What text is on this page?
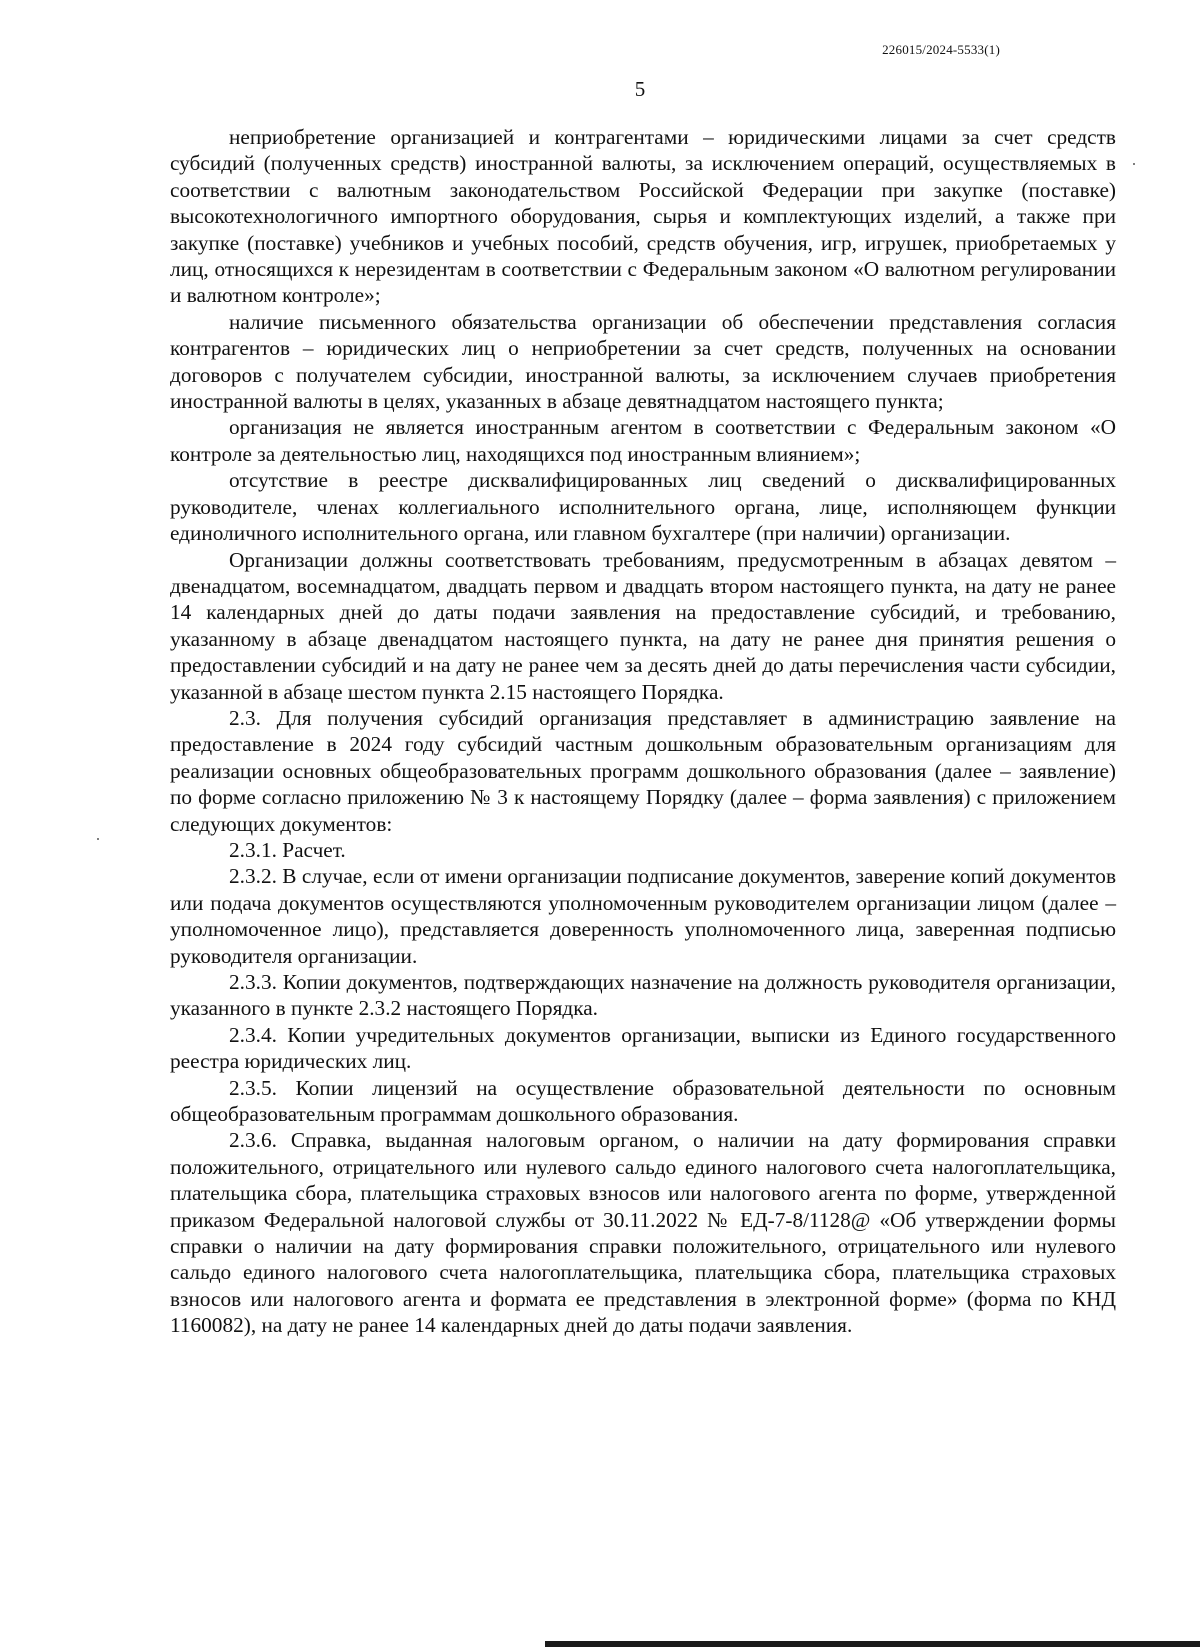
226015/2024-5533(1)
5

неприобретение организацией и контрагентами – юридическими лицами за счет средств субсидий (полученных средств) иностранной валюты, за исключением операций, осуществляемых в соответствии с валютным законодательством Российской Федерации при закупке (поставке) высокотехнологичного импортного оборудования, сырья и комплектующих изделий, а также при закупке (поставке) учебников и учебных пособий, средств обучения, игр, игрушек, приобретаемых у лиц, относящихся к нерезидентам в соответствии с Федеральным законом «О валютном регулировании и валютном контроле»;

наличие письменного обязательства организации об обеспечении представления согласия контрагентов – юридических лиц о неприобретении за счет средств, полученных на основании договоров с получателем субсидии, иностранной валюты, за исключением случаев приобретения иностранной валюты в целях, указанных в абзаце девятнадцатом настоящего пункта;

организация не является иностранным агентом в соответствии с Федеральным законом «О контроле за деятельностью лиц, находящихся под иностранным влиянием»;

отсутствие в реестре дисквалифицированных лиц сведений о дисквалифицированных руководителе, членах коллегиального исполнительного органа, лице, исполняющем функции единоличного исполнительного органа, или главном бухгалтере (при наличии) организации.

Организации должны соответствовать требованиям, предусмотренным в абзацах девятом – двенадцатом, восемнадцатом, двадцать первом и двадцать втором настоящего пункта, на дату не ранее 14 календарных дней до даты подачи заявления на предоставление субсидий, и требованию, указанному в абзаце двенадцатом настоящего пункта, на дату не ранее дня принятия решения о предоставлении субсидий и на дату не ранее чем за десять дней до даты перечисления части субсидии, указанной в абзаце шестом пункта 2.15 настоящего Порядка.

2.3. Для получения субсидий организация представляет в администрацию заявление на предоставление в 2024 году субсидий частным дошкольным образовательным организациям для реализации основных общеобразовательных программ дошкольного образования (далее – заявление) по форме согласно приложению № 3 к настоящему Порядку (далее – форма заявления) с приложением следующих документов:

2.3.1. Расчет.

2.3.2. В случае, если от имени организации подписание документов, заверение копий документов или подача документов осуществляются уполномоченным руководителем организации лицом (далее – уполномоченное лицо), представляется доверенность уполномоченного лица, заверенная подписью руководителя организации.

2.3.3. Копии документов, подтверждающих назначение на должность руководителя организации, указанного в пункте 2.3.2 настоящего Порядка.

2.3.4. Копии учредительных документов организации, выписки из Единого государственного реестра юридических лиц.

2.3.5. Копии лицензий на осуществление образовательной деятельности по основным общеобразовательным программам дошкольного образования.

2.3.6. Справка, выданная налоговым органом, о наличии на дату формирования справки положительного, отрицательного или нулевого сальдо единого налогового счета налогоплательщика, плательщика сбора, плательщика страховых взносов или налогового агента по форме, утвержденной приказом Федеральной налоговой службы от 30.11.2022 № ЕД-7-8/1128@ «Об утверждении формы справки о наличии на дату формирования справки положительного, отрицательного или нулевого сальдо единого налогового счета налогоплательщика, плательщика сбора, плательщика страховых взносов или налогового агента и формата ее представления в электронной форме» (форма по КНД 1160082), на дату не ранее 14 календарных дней до даты подачи заявления.
